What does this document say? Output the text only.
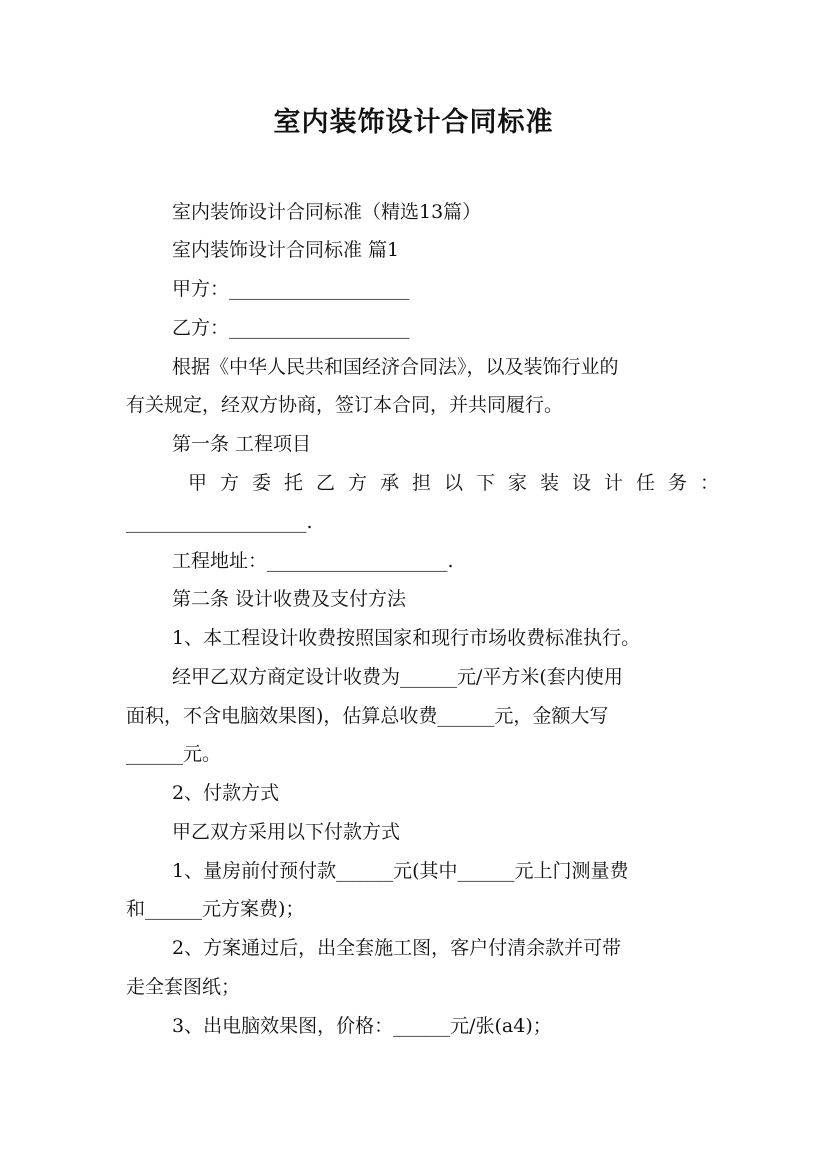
室内装饰设计合同标准
室内装饰设计合同标准（精选13篇）
室内装饰设计合同标准 篇1
甲方：___________________
乙方：___________________
根据《中华人民共和国经济合同法》，以及装饰行业的
有关规定，经双方协商，签订本合同，并共同履行。
第一条 工程项目
甲方委托乙方承担以下家装设计任务：
___________________.
工程地址：___________________.
第二条 设计收费及支付方法
1、本工程设计收费按照国家和现行市场收费标准执行。
经甲乙双方商定设计收费为______元/平方米(套内使用
面积，不含电脑效果图)，估算总收费______元，金额大写
______元。
2、付款方式
甲乙双方采用以下付款方式
1、量房前付预付款______元(其中______元上门测量费
和______元方案费)；
2、方案通过后，出全套施工图，客户付清余款并可带
走全套图纸；
3、出电脑效果图，价格：______元/张(a4)；
